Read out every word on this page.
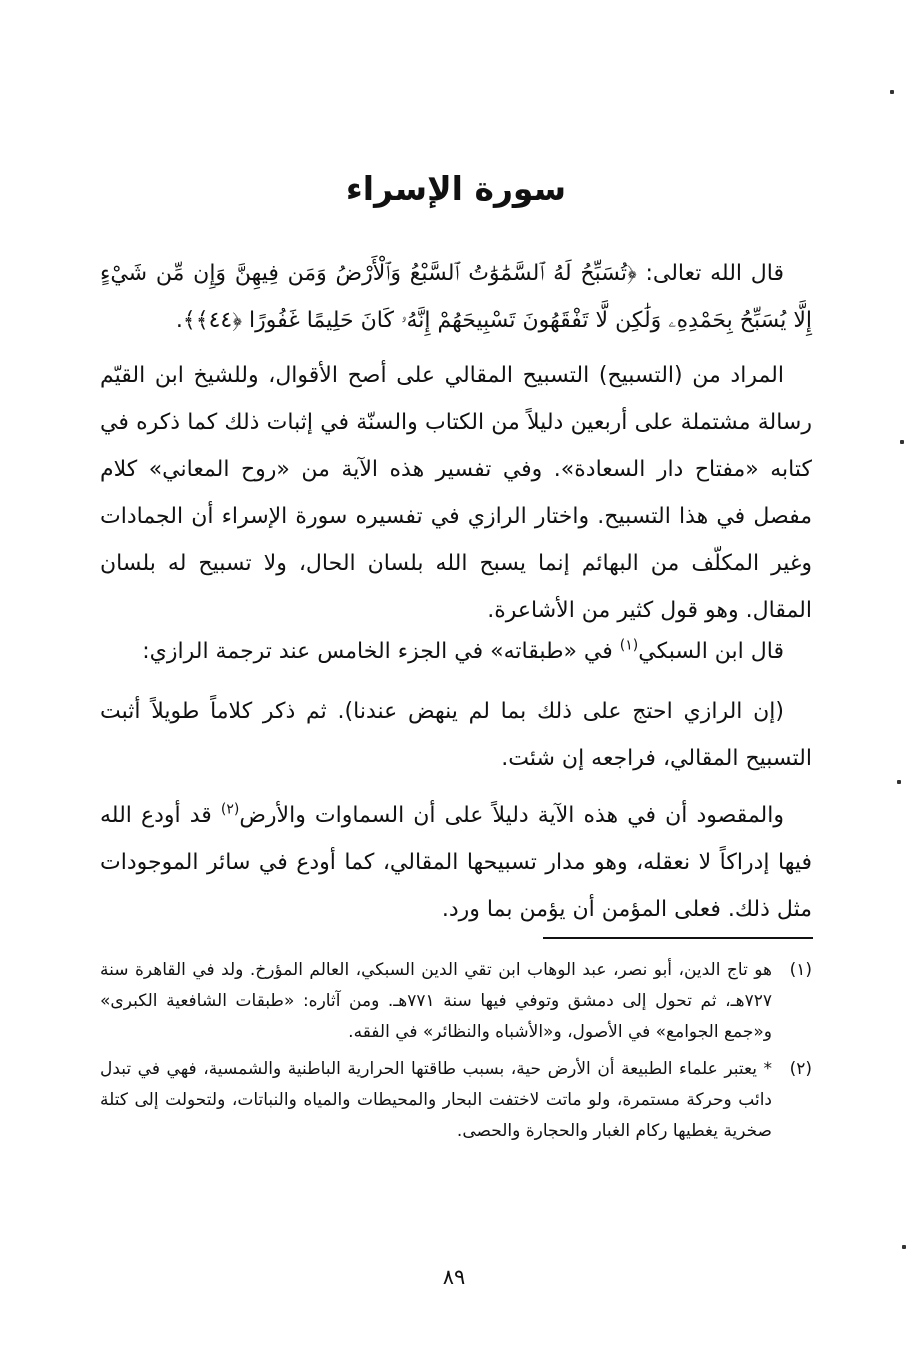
سورة الإسراء

قال الله تعالى: ﴿تُسَبِّحُ لَهُ ٱلسَّمَٰوَٰتُ ٱلسَّبْعُ وَٱلْأَرْضُ وَمَن فِيهِنَّ وَإِن مِّن شَيْءٍ إِلَّا يُسَبِّحُ بِحَمْدِهِۦ وَلَٰكِن لَّا تَفْقَهُونَ تَسْبِيحَهُمْ إِنَّهُۥ كَانَ حَلِيمًا غَفُورًا ﴿٤٤﴾﴾.

المراد من (التسبيح) التسبيح المقالي على أصح الأقوال، وللشيخ ابن القيّم رسالة مشتملة على أربعين دليلاً من الكتاب والسنّة في إثبات ذلك كما ذكره في كتابه «مفتاح دار السعادة». وفي تفسير هذه الآية من «روح المعاني» كلام مفصل في هذا التسبيح. واختار الرازي في تفسيره سورة الإسراء أن الجمادات وغير المكلّف من البهائم إنما يسبح الله بلسان الحال، ولا تسبيح له بلسان المقال. وهو قول كثير من الأشاعرة.

قال ابن السبكي$^{(١)}$ في «طبقاته» في الجزء الخامس عند ترجمة الرازي:

(إن الرازي احتج على ذلك بما لم ينهض عندنا). ثم ذكر كلاماً طويلاً أثبت التسبيح المقالي، فراجعه إن شئت.

والمقصود أن في هذه الآية دليلاً على أن السماوات والأرض$^{(٢)}$ قد أودع الله فيها إدراكاً لا نعقله، وهو مدار تسبيحها المقالي، كما أودع في سائر الموجودات مثل ذلك. فعلى المؤمن أن يؤمن بما ورد.

(١)
هو تاج الدين، أبو نصر، عبد الوهاب ابن تقي الدين السبكي، العالم المؤرخ. ولد في القاهرة سنة ٧٢٧هـ، ثم تحول إلى دمشق وتوفي فيها سنة ٧٧١هـ. ومن آثاره: «طبقات الشافعية الكبرى» و«جمع الجوامع» في الأصول، و«الأشباه والنظائر» في الفقه.
(٢)
* يعتبر علماء الطبيعة أن الأرض حية، بسبب طاقتها الحرارية الباطنية والشمسية، فهي في تبدل دائب وحركة مستمرة، ولو ماتت لاختفت البحار والمحيطات والمياه والنباتات، ولتحولت إلى كتلة صخرية يغطيها ركام الغبار والحجارة والحصى.
٨٩
